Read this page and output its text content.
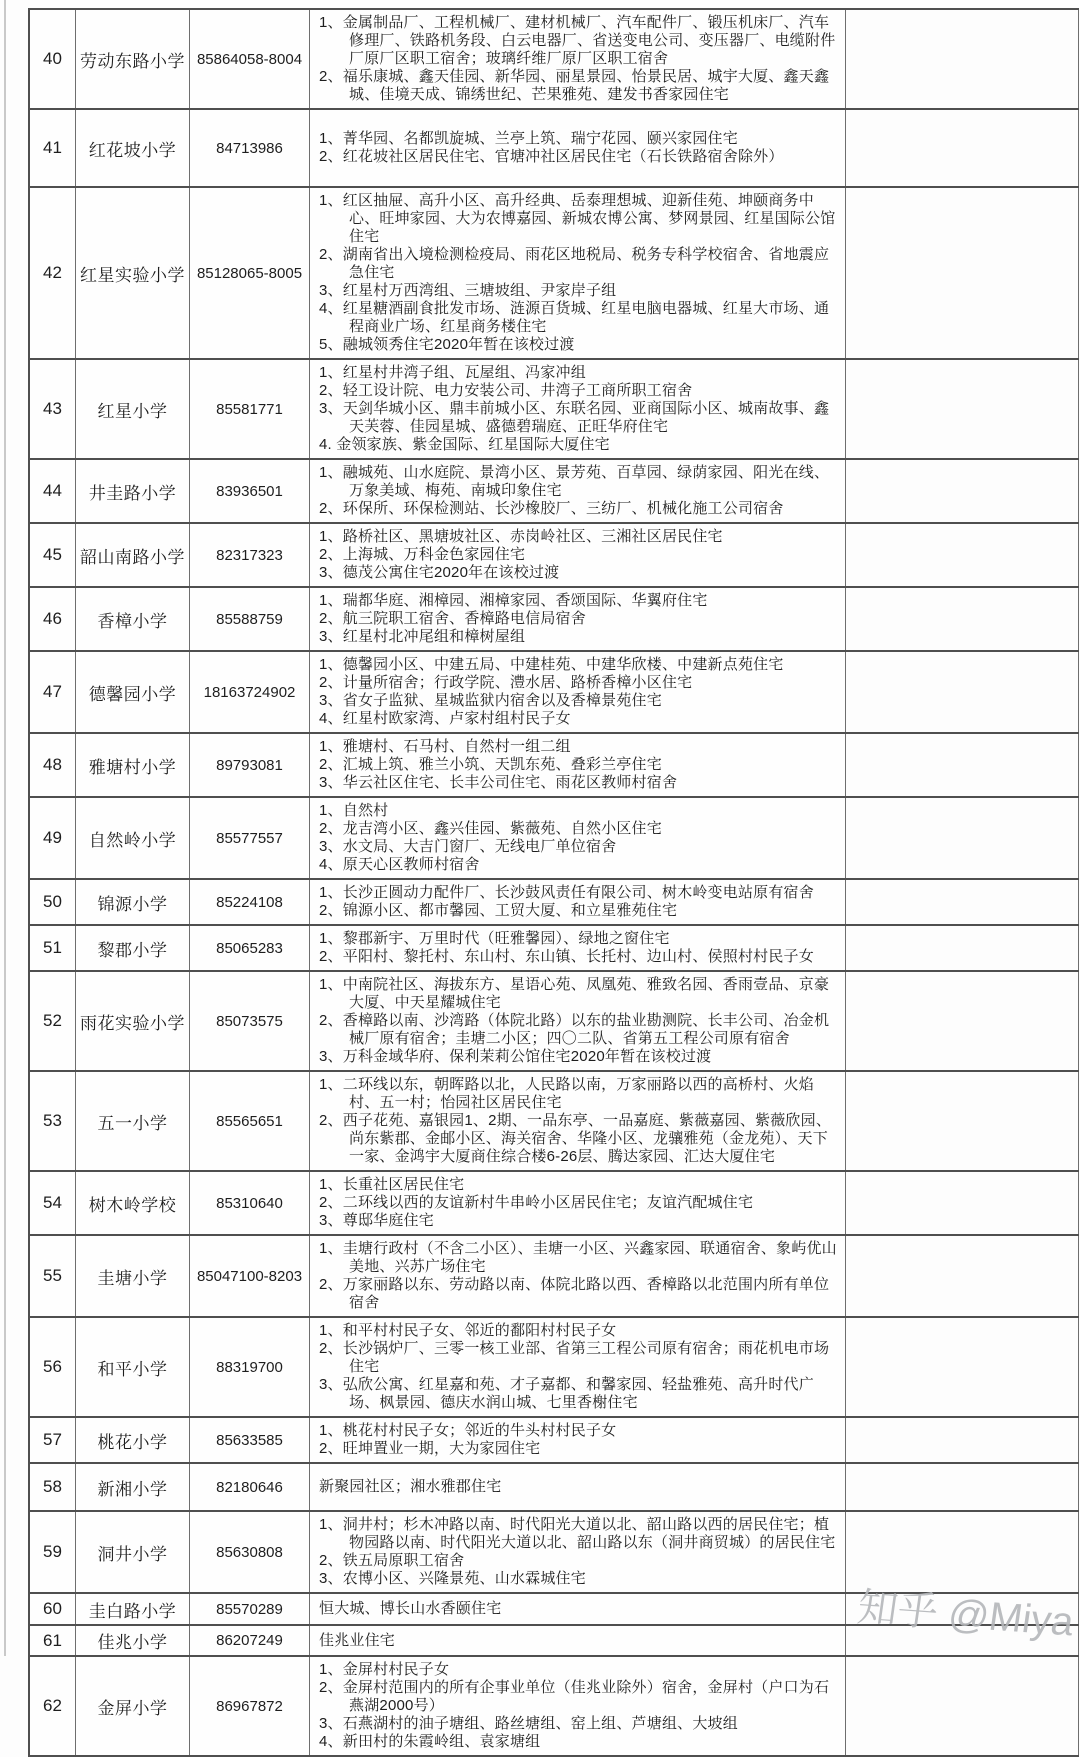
40	劳动东路小学 85864058-8004
1、金属制品厂、工程机械厂、建材机械厂、汽车配件厂、锻压机床厂、汽车修理厂、铁路机务段、白云电器厂、省送变电公司、变压器厂、电缆附件厂原厂区职工宿舍；玻璃纤维厂原厂区职工宿舍
2、福乐康城、鑫天佳园、新华园、丽星景园、怡景民居、城宇大厦、鑫天鑫城、佳境天成、锦绣世纪、芒果雅苑、建发书香家园住宅
41	红花坡小学	84713986
1、菁华园、名都凯旋城、兰亭上筑、瑞宁花园、颐兴家园住宅
2、红花坡社区居民住宅、官塘冲社区居民住宅（石长铁路宿舍除外）
42	红星实验小学 85128065-8005
1、红区抽屉、高升小区、高升经典、岳泰理想城、迎新佳苑、坤颐商务中心、旺坤家园、大为农博嘉园、新城农博公寓、梦网景园、红星国际公馆住宅
2、湖南省出入境检测检疫局、雨花区地税局、税务专科学校宿舍、省地震应急住宅
3、红星村万西湾组、三塘坡组、尹家岸子组
4、红星糖酒副食批发市场、涟源百货城、红星电脑电器城、红星大市场、通程商业广场、红星商务楼住宅
5、融城领秀住宅2020年暂在该校过渡
43	红星小学	85581771
1、红星村井湾子组、瓦屋组、冯家冲组
2、轻工设计院、电力安装公司、井湾子工商所职工宿舍
3、天剑华城小区、鼎丰前城小区、东联名园、亚商国际小区、城南故事、鑫天芙蓉、佳园星城、盛德碧瑞庭、正旺华府住宅
4. 金领家族、紫金国际、红星国际大厦住宅
44	井圭路小学	83936501
1、融城苑、山水庭院、景湾小区、景芳苑、百草园、绿荫家园、阳光在线、万象美域、梅苑、南城印象住宅
2、环保所、环保检测站、长沙橡胶厂、三纺厂、机械化施工公司宿舍
45	韶山南路小学	82317323
1、路桥社区、黑塘坡社区、赤岗岭社区、三湘社区居民住宅
2、上海城、万科金色家园住宅
3、德茂公寓住宅2020年在该校过渡
46	香樟小学	85588759
1、瑞都华庭、湘樟园、湘樟家园、香颂国际、华翼府住宅
2、航三院职工宿舍、香樟路电信局宿舍
3、红星村北冲尾组和樟树屋组
47	德馨园小学	18163724902
1、德馨园小区、中建五局、中建桂苑、中建华欣楼、中建新点苑住宅
2、计量所宿舍；行政学院、澧水居、路桥香樟小区住宅
3、省女子监狱、星城监狱内宿舍以及香樟景苑住宅
4、红星村欧家湾、卢家村组村民子女
48	雅塘村小学	89793081
1、雅塘村、石马村、自然村一组二组
2、汇城上筑、雅兰小筑、天凯东苑、叠彩兰亭住宅
3、华云社区住宅、长丰公司住宅、雨花区教师村宿舍
49	自然岭小学	85577557
1、自然村
2、龙吉湾小区、鑫兴佳园、紫薇苑、自然小区住宅
3、水文局、大吉门窗厂、无线电厂单位宿舍
4、原天心区教师村宿舍
50	锦源小学	85224108
1、长沙正圆动力配件厂、长沙鼓风责任有限公司、树木岭变电站原有宿舍
2、锦源小区、都市馨园、工贸大厦、和立星雅苑住宅
51	黎郡小学	85065283
1、黎郡新宇、万里时代（旺雅馨园）、绿地之窗住宅
2、平阳村、黎托村、东山村、东山镇、长托村、边山村、侯照村村民子女
52	雨花实验小学	85073575
1、中南院社区、海拔东方、星语心苑、凤凰苑、雅致名园、香雨壹品、京豪大厦、中天星耀城住宅
2、香樟路以南、沙湾路（体院北路）以东的盐业勘测院、长丰公司、冶金机械厂原有宿舍；圭塘二小区；四〇二队、省第五工程公司原有宿舍
3、万科金域华府、保利茉莉公馆住宅2020年暂在该校过渡
53	五一小学	85565651
1、二环线以东，朝晖路以北，人民路以南，万家丽路以西的高桥村、火焰村、五一村；怡园社区居民住宅
2、西子花苑、嘉银园1、2期、一品东亭、一品嘉庭、紫薇嘉园、紫薇欣园、尚东紫郡、金邮小区、海关宿舍、华隆小区、龙骧雅苑（金龙苑）、天下一家、金鸿宇大厦商住综合楼6-26层、腾达家园、汇达大厦住宅
54	树木岭学校	85310640
1、长重社区居民住宅
2、二环线以西的友谊新村牛串岭小区居民住宅；友谊汽配城住宅
3、尊邸华庭住宅
55	圭塘小学	85047100-8203
1、圭塘行政村（不含二小区）、圭塘一小区、兴鑫家园、联通宿舍、象屿优山美地、兴苏广场住宅
2、万家丽路以东、劳动路以南、体院北路以西、香樟路以北范围内所有单位宿舍
56	和平小学	88319700
1、和平村村民子女、邻近的鄱阳村村民子女
2、长沙锅炉厂、三零一核工业部、省第三工程公司原有宿舍；雨花机电市场住宅
3、弘欣公寓、红星嘉和苑、才子嘉都、和馨家园、轻盐雅苑、高升时代广场、枫景园、德庆水润山城、七里香榭住宅
57	桃花小学	85633585
1、桃花村村民子女；邻近的牛头村村民子女
2、旺坤置业一期，大为家园住宅
58	新湘小学	82180646	新聚园社区；湘水雅郡住宅
59	洞井小学	85630808
1、洞井村；杉木冲路以南、时代阳光大道以北、韶山路以西的居民住宅；植物园路以南、时代阳光大道以北、韶山路以东（洞井商贸城）的居民住宅
2、铁五局原职工宿舍
3、农博小区、兴隆景苑、山水霖城住宅
60	圭白路小学	85570289	恒大城、博长山水香颐住宅
61	佳兆小学	86207249	佳兆业住宅
62	金屏小学	86967872
1、金屏村村民子女
2、金屏村范围内的所有企事业单位（佳兆业除外）宿舍，金屏村（户口为石燕湖2000号）
3、石燕湖村的油子塘组、路丝塘组、窑上组、芦塘组、大坡组
4、新田村的朱霞岭组、袁家塘组
知乎 @Miya
